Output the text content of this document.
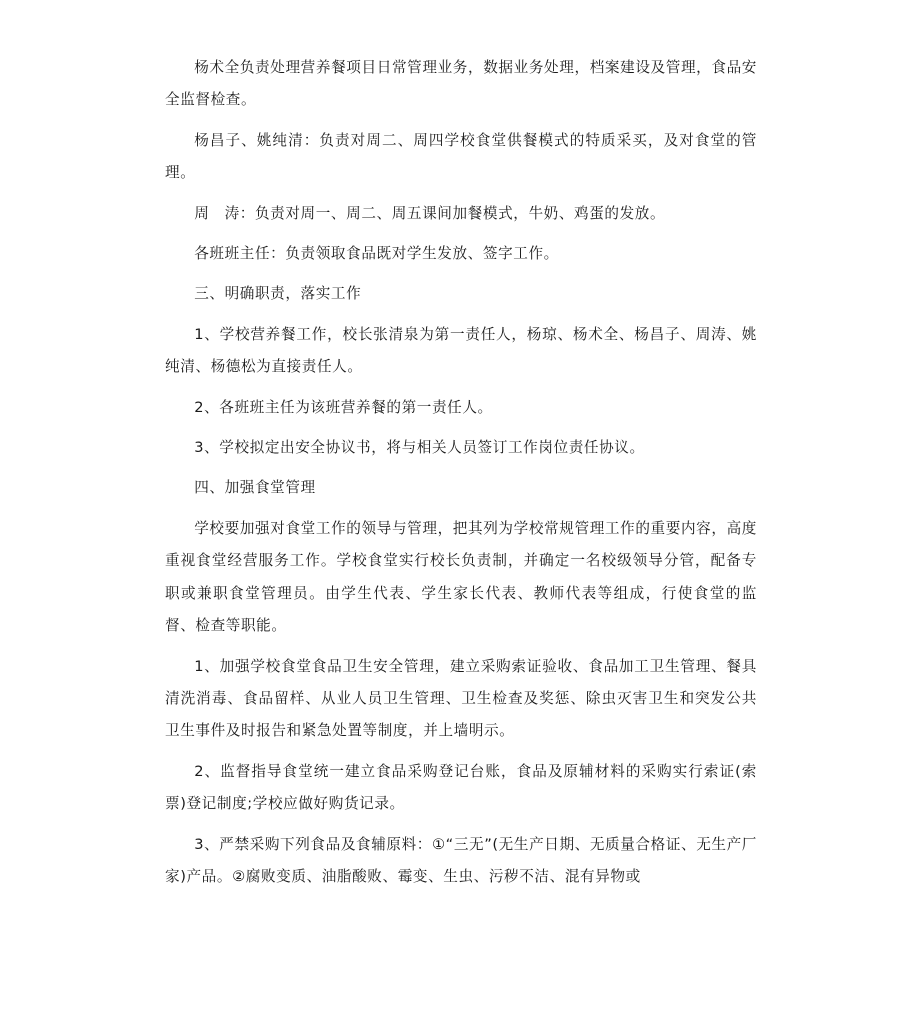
杨术全负责处理营养餐项目日常管理业务，数据业务处理，档案建设及管理，食品安全监督检查。

杨昌子、姚纯清：负责对周二、周四学校食堂供餐模式的特质采买，及对食堂的管理。

周　涛：负责对周一、周二、周五课间加餐模式，牛奶、鸡蛋的发放。

各班班主任：负责领取食品既对学生发放、签字工作。

三、明确职责，落实工作

1、学校营养餐工作，校长张清泉为第一责任人，杨琼、杨术全、杨昌子、周涛、姚纯清、杨德松为直接责任人。

2、各班班主任为该班营养餐的第一责任人。

3、学校拟定出安全协议书，将与相关人员签订工作岗位责任协议。

四、加强食堂管理

学校要加强对食堂工作的领导与管理，把其列为学校常规管理工作的重要内容，高度重视食堂经营服务工作。学校食堂实行校长负责制，并确定一名校级领导分管，配备专职或兼职食堂管理员。由学生代表、学生家长代表、教师代表等组成，行使食堂的监督、检查等职能。

1、加强学校食堂食品卫生安全管理，建立采购索证验收、食品加工卫生管理、餐具清洗消毒、食品留样、从业人员卫生管理、卫生检查及奖惩、除虫灭害卫生和突发公共卫生事件及时报告和紧急处置等制度，并上墙明示。

2、监督指导食堂统一建立食品采购登记台账，食品及原辅材料的采购实行索证(索票)登记制度;学校应做好购货记录。

3、严禁采购下列食品及食辅原料：①“三无”(无生产日期、无质量合格证、无生产厂家)产品。②腐败变质、油脂酸败、霉变、生虫、污秽不洁、混有异物或
